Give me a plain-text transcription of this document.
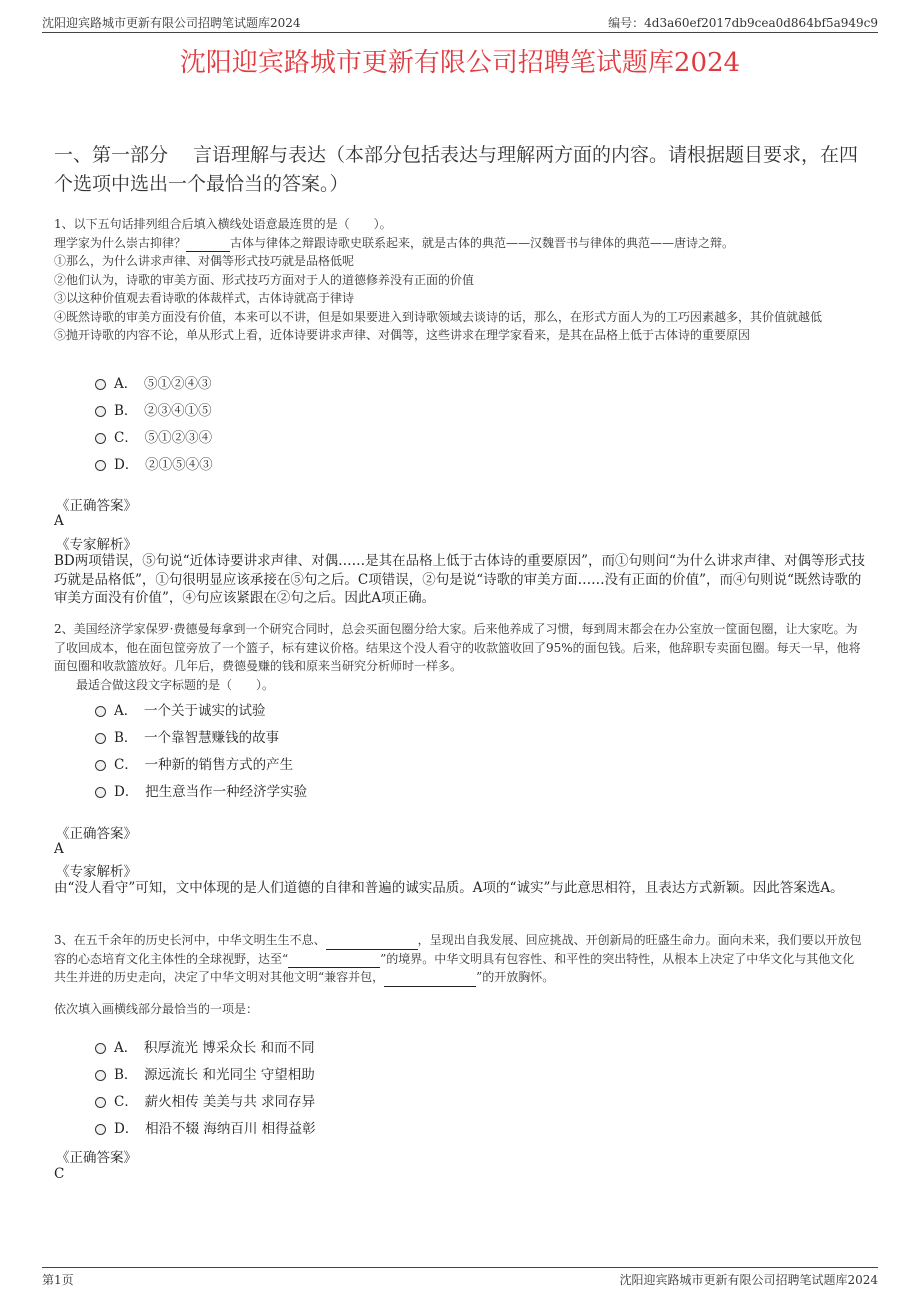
沈阳迎宾路城市更新有限公司招聘笔试题库2024	编号：4d3a60ef2017db9cea0d864bf5a949c9
沈阳迎宾路城市更新有限公司招聘笔试题库2024
一、第一部分　 言语理解与表达（本部分包括表达与理解两方面的内容。请根据题目要求，在四个选项中选出一个最恰当的答案。）
1、以下五句话排列组合后填入横线处语意最连贯的是（　　）。
理学家为什么崇古抑律？	古体与律体之辩跟诗歌史联系起来，就是古体的典范——汉魏晋书与律体的典范——唐诗之辩。
①那么，为什么讲求声律、对偶等形式技巧就是品格低呢
②他们认为，诗歌的审美方面、形式技巧方面对于人的道德修养没有正面的价值
③以这种价值观去看诗歌的体裁样式，古体诗就高于律诗
④既然诗歌的审美方面没有价值，本来可以不讲，但是如果要进入到诗歌领域去谈诗的话，那么，在形式方面人为的工巧因素越多，其价值就越低
⑤抛开诗歌的内容不论，单从形式上看，近体诗要讲求声律、对偶等，这些讲求在理学家看来，是其在品格上低于古体诗的重要原因
A．　⑤①②④③
B．　②③④①⑤
C．　⑤①②③④
D．　②①⑤④③
《正确答案》
A
《专家解析》
BD两项错误，⑤句说“近体诗要讲求声律、对偶……是其在品格上低于古体诗的重要原因”，而①句则问“为什么讲求声律、对偶等形式技巧就是品格低”，①句很明显应该承接在⑤句之后。C项错误，②句是说“诗歌的审美方面……没有正面的价值”，而④句则说“既然诗歌的审美方面没有价值”，④句应该紧跟在②句之后。因此A项正确。
2、美国经济学家保罗·费德曼每拿到一个研究合同时，总会买面包圈分给大家。后来他养成了习惯，每到周末都会在办公室放一筐面包圈，让大家吃。为了收回成本，他在面包筐旁放了一个篮子，标有建议价格。结果这个没人看守的收款篮收回了95%的面包钱。后来，他辞职专卖面包圈。每天一早，他将面包圈和收款篮放好。几年后，费德曼赚的钱和原来当研究分析师时一样多。
最适合做这段文字标题的是（　　）。
A．　一个关于诚实的试验
B．　一个靠智慧赚钱的故事
C．　一种新的销售方式的产生
D．　把生意当作一种经济学实验
《正确答案》
A
《专家解析》
由“没人看守”可知，文中体现的是人们道德的自律和普遍的诚实品质。A项的“诚实”与此意思相符，且表达方式新颖。因此答案选A。
3、在五千余年的历史长河中，中华文明生生不息、	，呈现出自我发展、回应挑战、开创新局的旺盛生命力。面向未来，我们要以开放包容的心态培育文化主体性的全球视野，达至“	”的境界。中华文明具有包容性、和平性的突出特性，从根本上决定了中华文化与其他文化共生并进的历史走向，决定了中华文明对其他文明“兼容并包，	”的开放胸怀。
依次填入画横线部分最恰当的一项是：
A．　积厚流光 博采众长 和而不同
B．　源远流长 和光同尘 守望相助
C．　薪火相传 美美与共 求同存异
D．　相沿不辍 海纳百川 相得益彰
《正确答案》
C
第1页	沈阳迎宾路城市更新有限公司招聘笔试题库2024
